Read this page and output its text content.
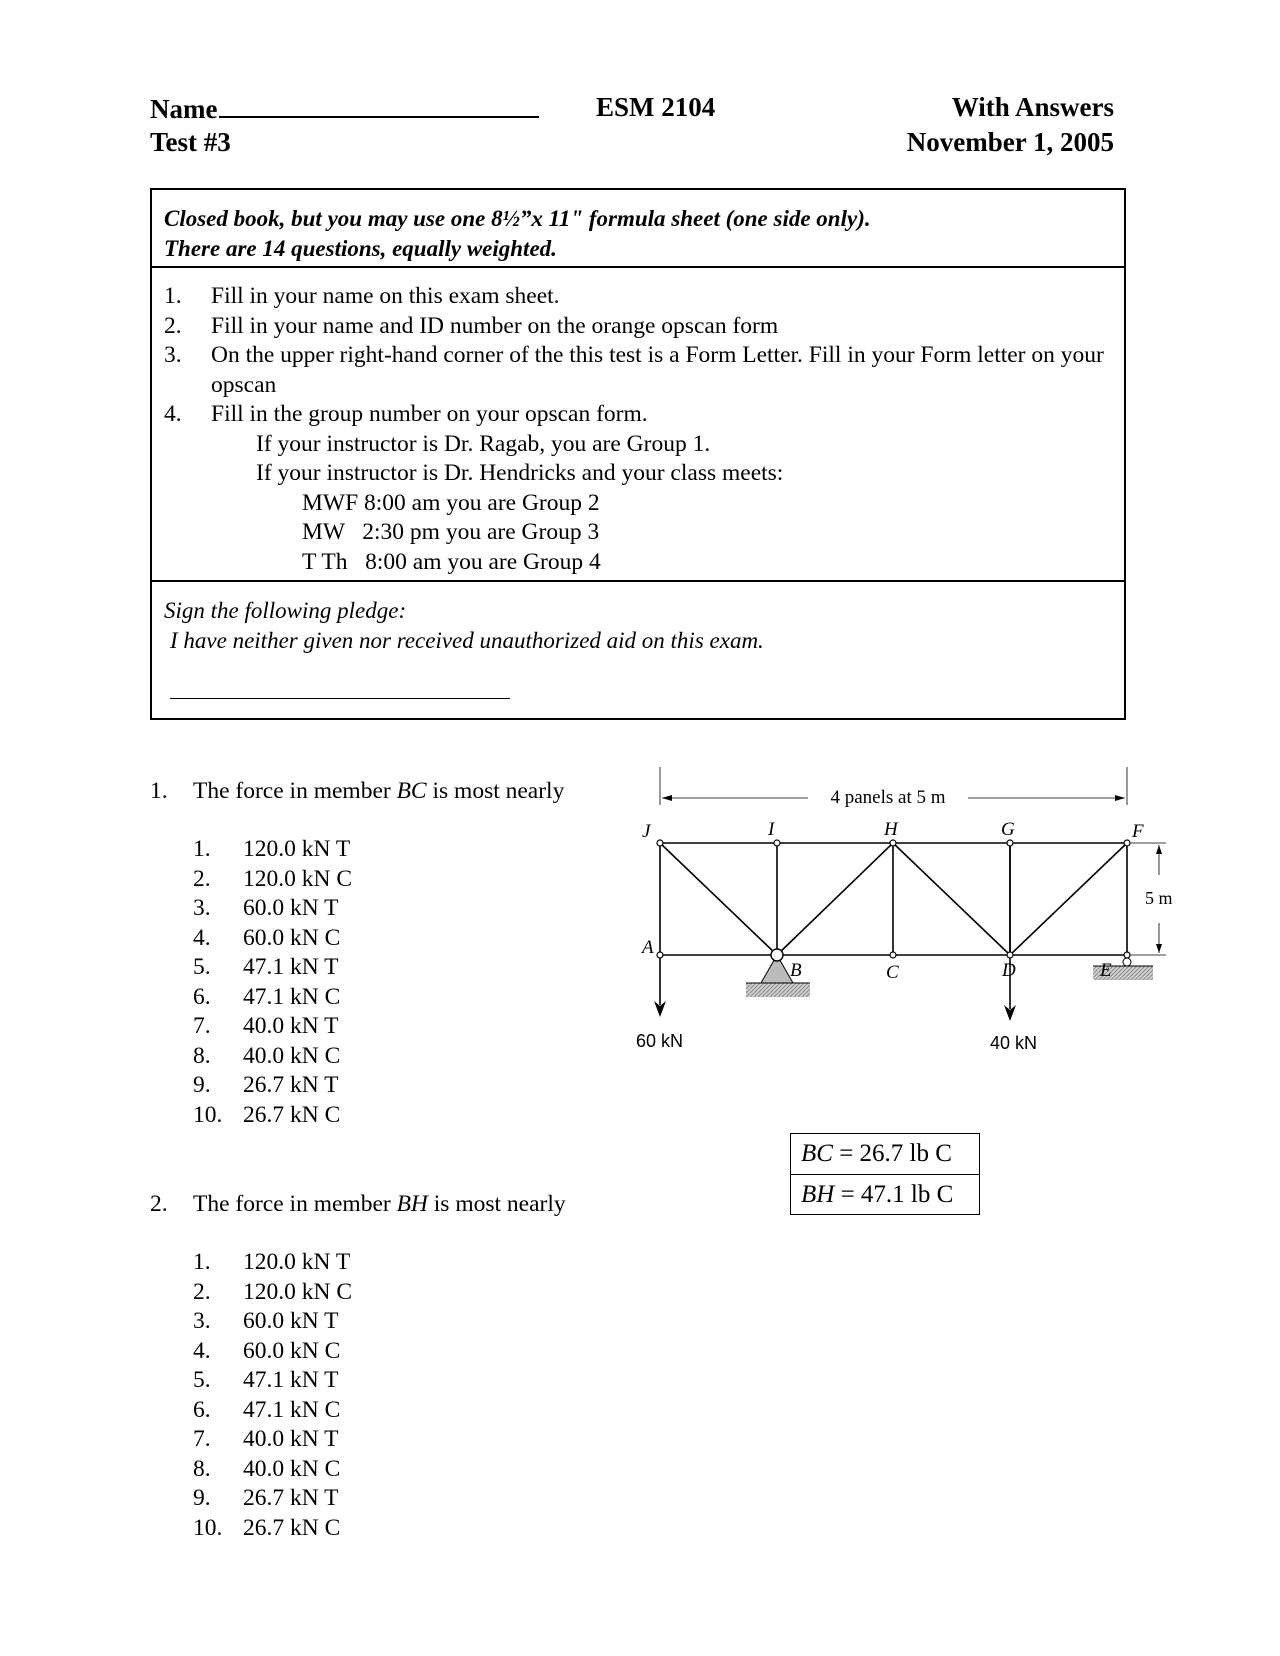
Name
Test #3
ESM 2104	With Answers
November 1, 2005
Closed book, but you may use one 8½”x 11" formula sheet (one side only).
There are 14 questions, equally weighted.
1. Fill in your name on this exam sheet.
2. Fill in your name and ID number on the orange opscan form
3. On the upper right-hand corner of the this test is a Form Letter. Fill in your Form letter on your opscan
4. Fill in the group number on your opscan form.
If your instructor is Dr. Ragab, you are Group 1.
If your instructor is Dr. Hendricks and your class meets:
MWF 8:00 am you are Group 2
MW   2:30 pm you are Group 3
T Th   8:00 am you are Group 4
Sign the following pledge:
I have neither given nor received unauthorized aid on this exam.
1. The force in member BC is most nearly
1. 120.0 kN T
2. 120.0 kN C
3. 60.0 kN T
4. 60.0 kN C
5. 47.1 kN T
6. 47.1 kN C
7. 40.0 kN T
8. 40.0 kN C
9. 26.7 kN T
10. 26.7 kN C
2. The force in member BH is most nearly
1. 120.0 kN T
2. 120.0 kN C
3. 60.0 kN T
4. 60.0 kN C
5. 47.1 kN T
6. 47.1 kN C
7. 40.0 kN T
8. 40.0 kN C
9. 26.7 kN T
10. 26.7 kN C
BC = 26.7 lb C
BH = 47.1 lb C
4 panels at 5 m
5 m
60 kN	40 kN
J	I	H	G	F
A
B	C	D	E
